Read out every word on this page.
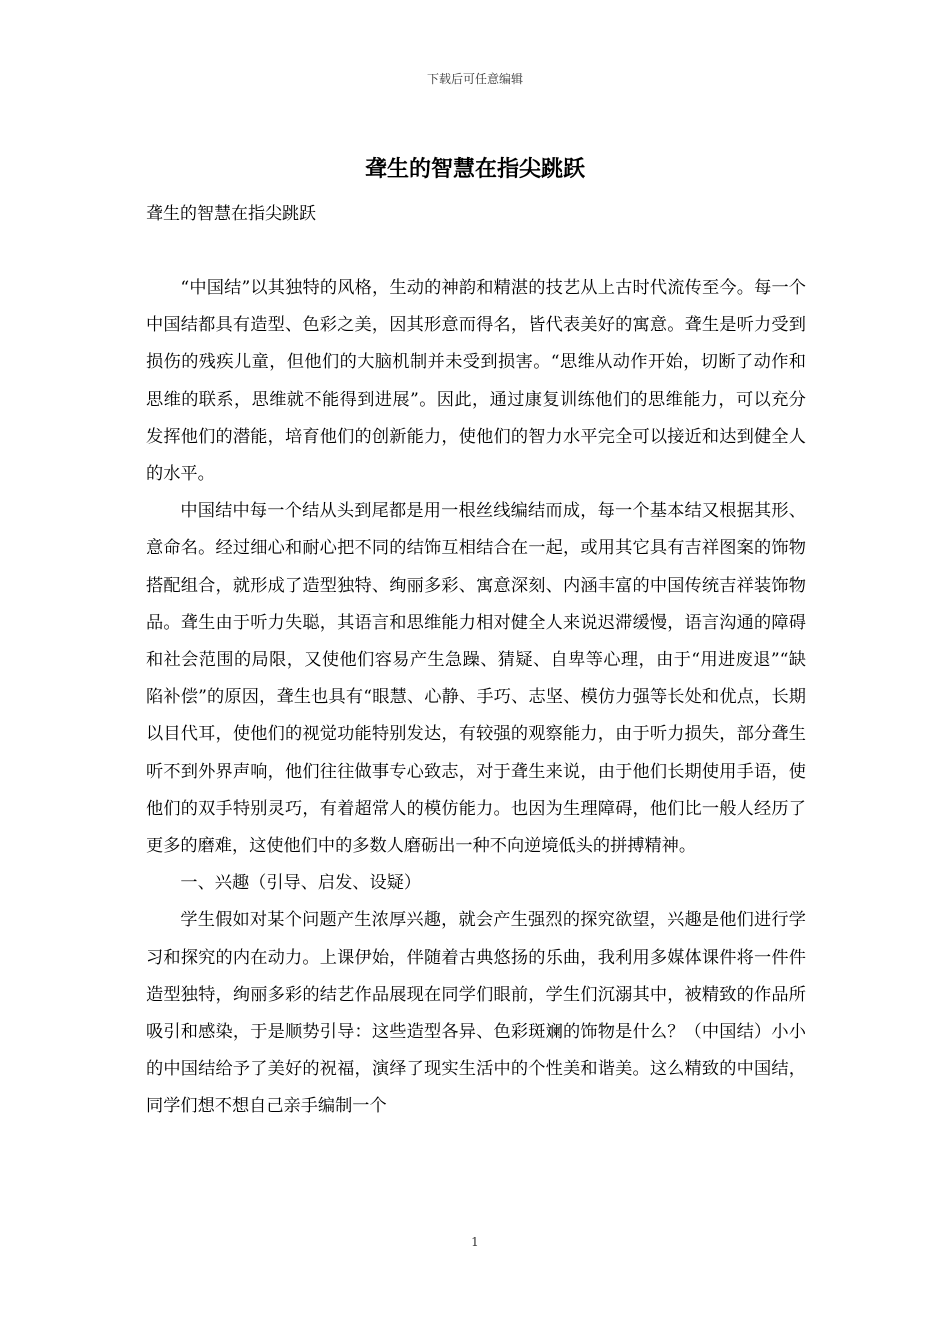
下载后可任意编辑
聋生的智慧在指尖跳跃

聋生的智慧在指尖跳跃

“中国结”以其独特的风格，生动的神韵和精湛的技艺从上古时代流传至今。每一个中国结都具有造型、色彩之美，因其形意而得名，皆代表美好的寓意。聋生是听力受到损伤的残疾儿童，但他们的大脑机制并未受到损害。“思维从动作开始，切断了动作和思维的联系，思维就不能得到进展”。因此，通过康复训练他们的思维能力，可以充分发挥他们的潜能，培育他们的创新能力，使他们的智力水平完全可以接近和达到健全人的水平。

中国结中每一个结从头到尾都是用一根丝线编结而成，每一个基本结又根据其形、意命名。经过细心和耐心把不同的结饰互相结合在一起，或用其它具有吉祥图案的饰物搭配组合，就形成了造型独特、绚丽多彩、寓意深刻、内涵丰富的中国传统吉祥装饰物品。聋生由于听力失聪，其语言和思维能力相对健全人来说迟滞缓慢，语言沟通的障碍和社会范围的局限，又使他们容易产生急躁、猜疑、自卑等心理，由于“用进废退”“缺陷补偿”的原因，聋生也具有“眼慧、心静、手巧、志坚、模仿力强等长处和优点，长期以目代耳，使他们的视觉功能特别发达，有较强的观察能力，由于听力损失，部分聋生听不到外界声响，他们往往做事专心致志，对于聋生来说，由于他们长期使用手语，使他们的双手特别灵巧，有着超常人的模仿能力。也因为生理障碍，他们比一般人经历了更多的磨难，这使他们中的多数人磨砺出一种不向逆境低头的拼搏精神。

一、兴趣（引导、启发、设疑）

学生假如对某个问题产生浓厚兴趣，就会产生强烈的探究欲望，兴趣是他们进行学习和探究的内在动力。上课伊始，伴随着古典悠扬的乐曲，我利用多媒体课件将一件件造型独特，绚丽多彩的结艺作品展现在同学们眼前，学生们沉溺其中，被精致的作品所吸引和感染，于是顺势引导：这些造型各异、色彩斑斓的饰物是什么？（中国结）小小的中国结给予了美好的祝福，演绎了现实生活中的个性美和谐美。这么精致的中国结，同学们想不想自己亲手编制一个

1
